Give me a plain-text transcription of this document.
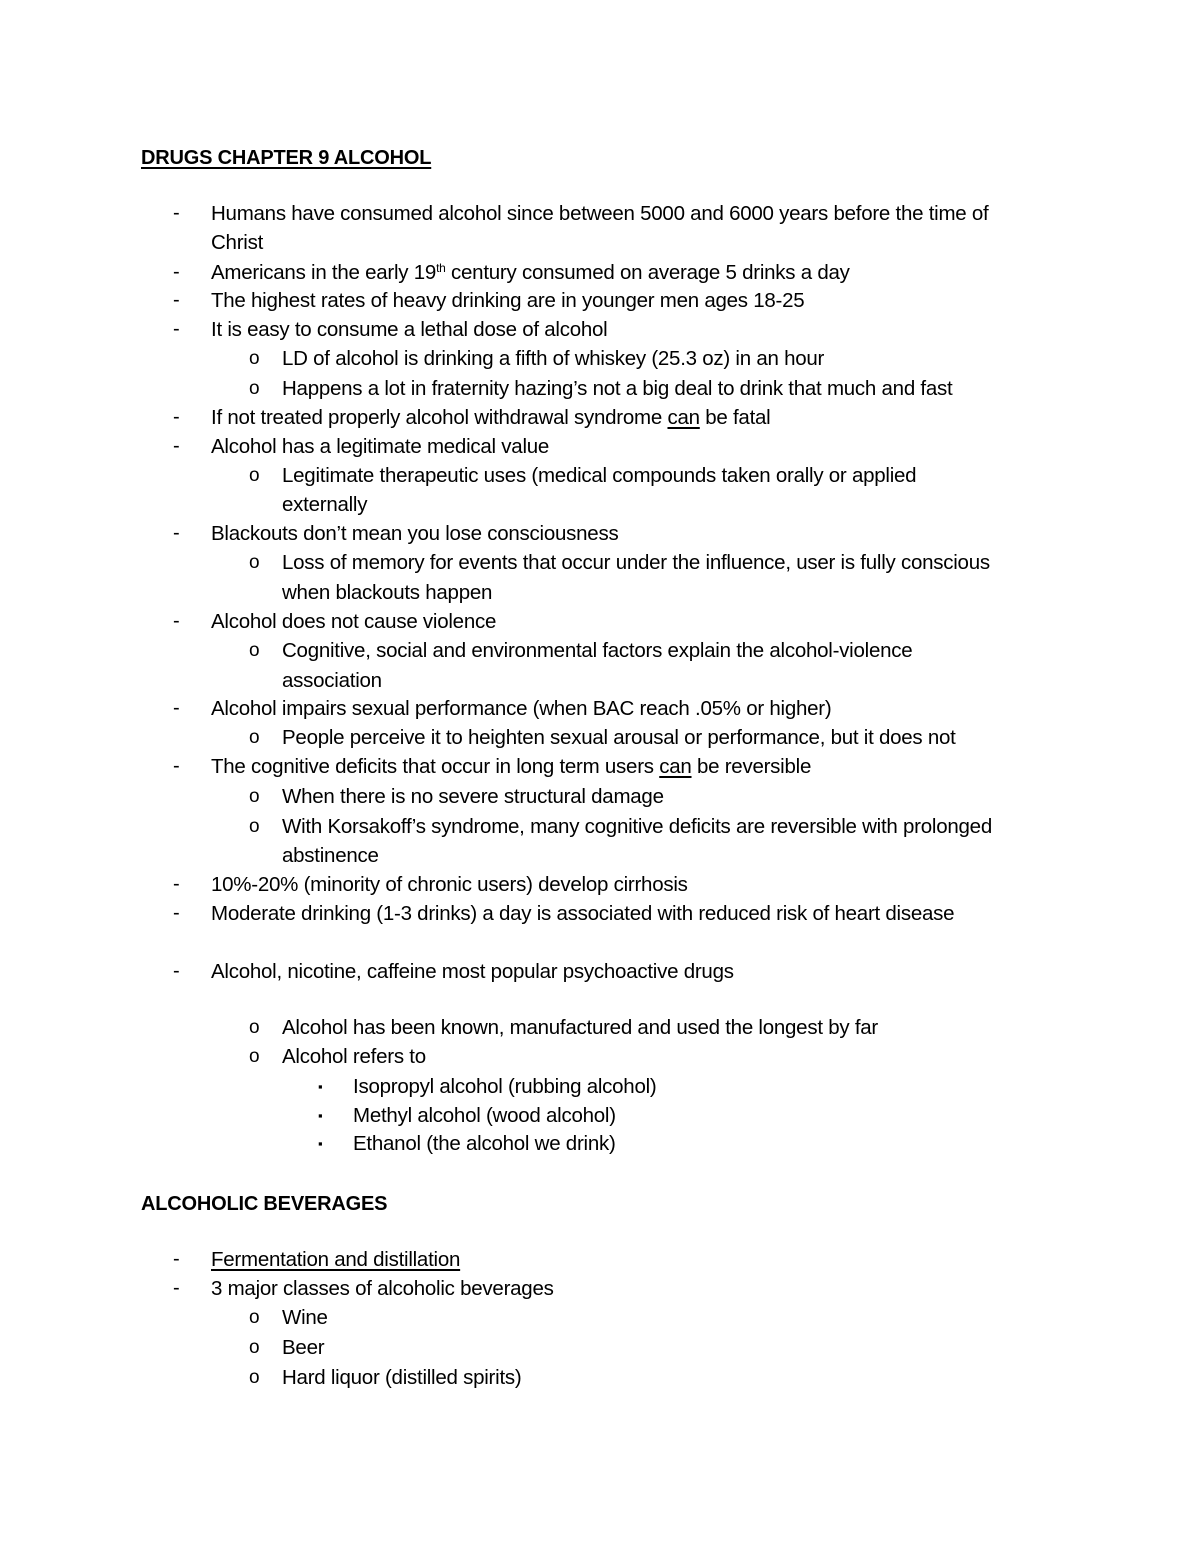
DRUGS CHAPTER 9 ALCOHOL
- Humans have consumed alcohol since between 5000 and 6000 years before the time of
Christ
- Americans in the early 19th century consumed on average 5 drinks a day
- The highest rates of heavy drinking are in younger men ages 18-25
- It is easy to consume a lethal dose of alcohol
o LD of alcohol is drinking a fifth of whiskey (25.3 oz) in an hour
o Happens a lot in fraternity hazing’s not a big deal to drink that much and fast
- If not treated properly alcohol withdrawal syndrome can be fatal
- Alcohol has a legitimate medical value
o Legitimate therapeutic uses (medical compounds taken orally or applied
externally
- Blackouts don’t mean you lose consciousness
o Loss of memory for events that occur under the influence, user is fully conscious
when blackouts happen
- Alcohol does not cause violence
o Cognitive, social and environmental factors explain the alcohol-violence
association
- Alcohol impairs sexual performance (when BAC reach .05% or higher)
o People perceive it to heighten sexual arousal or performance, but it does not
- The cognitive deficits that occur in long term users can be reversible
o When there is no severe structural damage
o With Korsakoff’s syndrome, many cognitive deficits are reversible with prolonged
abstinence
- 10%-20% (minority of chronic users) develop cirrhosis
- Moderate drinking (1-3 drinks) a day is associated with reduced risk of heart disease
- Alcohol, nicotine, caffeine most popular psychoactive drugs
o Alcohol has been known, manufactured and used the longest by far
o Alcohol refers to
▪ Isopropyl alcohol (rubbing alcohol)
▪ Methyl alcohol (wood alcohol)
▪ Ethanol (the alcohol we drink)
ALCOHOLIC BEVERAGES
- Fermentation and distillation
- 3 major classes of alcoholic beverages
o Wine
o Beer
o Hard liquor (distilled spirits)
